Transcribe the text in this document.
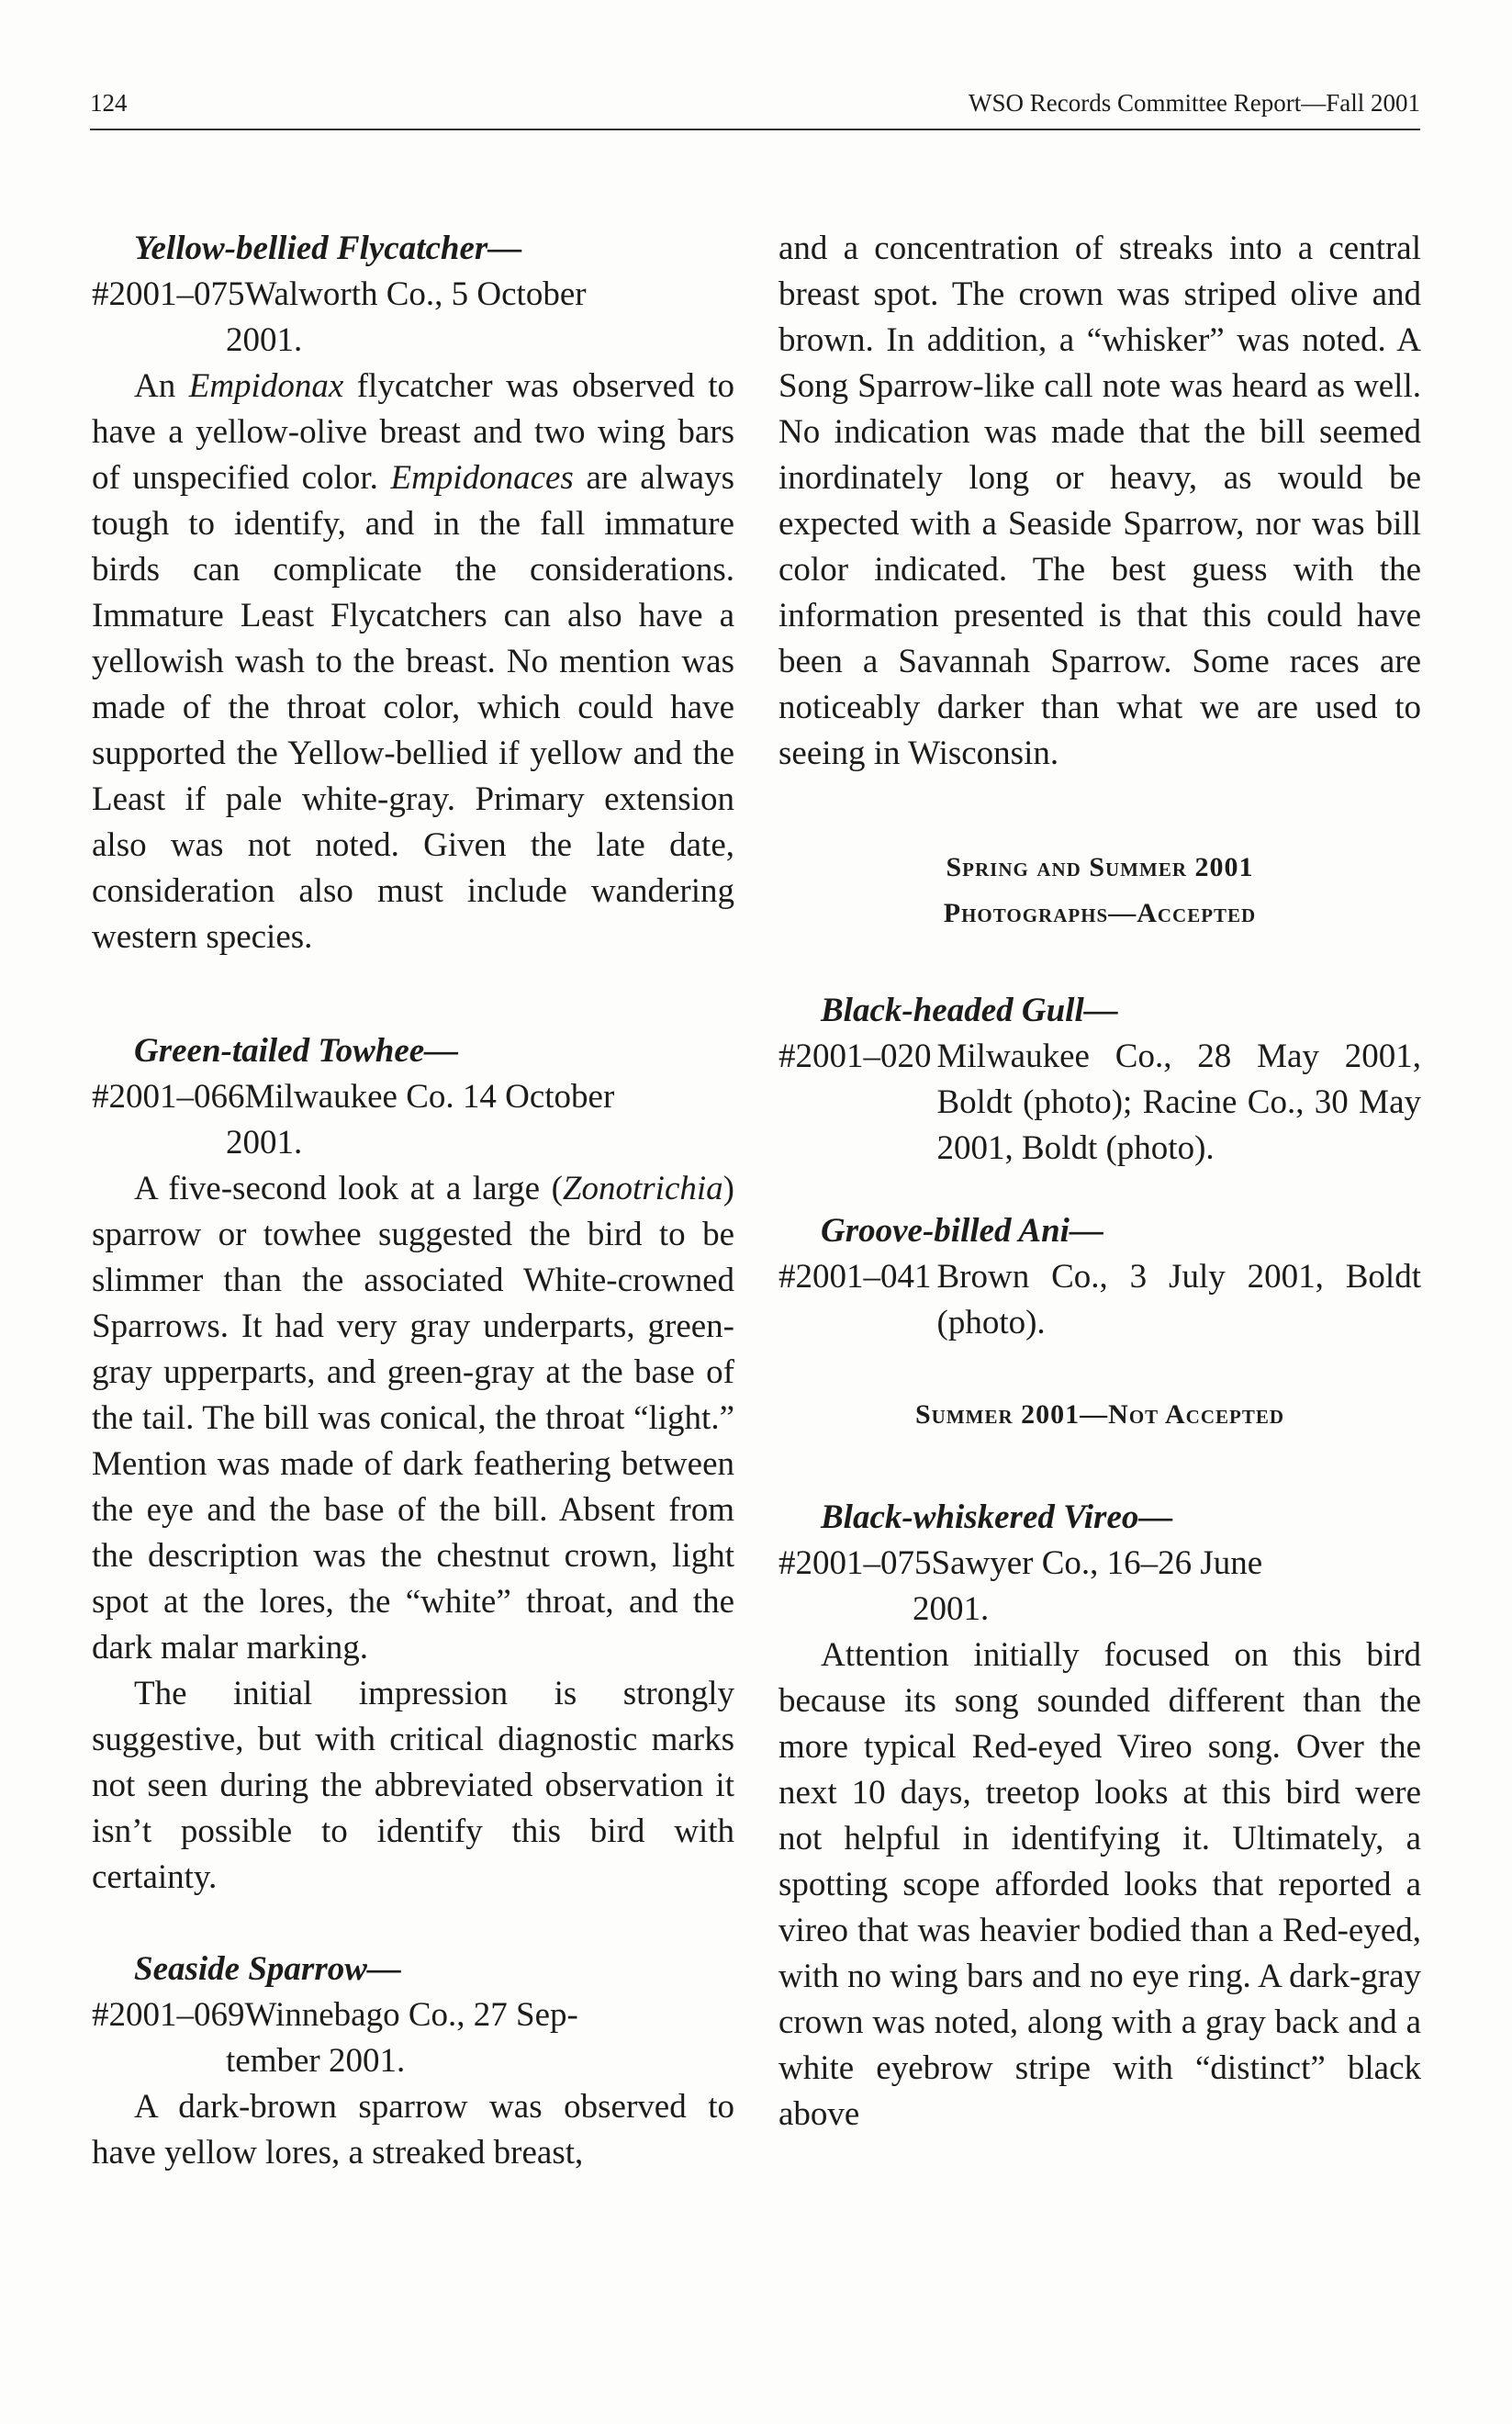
124	WSO Records Committee Report—Fall 2001

Yellow-bellied Flycatcher—

#2001–075 Walworth Co., 5 October

2001.

An Empidonax flycatcher was observed to have a yellow-olive breast and two wing bars of unspecified color. Empidonaces are always tough to identify, and in the fall immature birds can complicate the considerations. Immature Least Flycatchers can also have a yellowish wash to the breast. No mention was made of the throat color, which could have supported the Yellow-bellied if yellow and the Least if pale white-gray. Primary extension also was not noted. Given the late date, consideration also must include wandering western species.

Green-tailed Towhee—

#2001–066 Milwaukee Co. 14 October

2001.

A five-second look at a large (Zonotrichia) sparrow or towhee suggested the bird to be slimmer than the associated White-crowned Sparrows. It had very gray underparts, green-gray upperparts, and green-gray at the base of the tail. The bill was conical, the throat “light.” Mention was made of dark feathering between the eye and the base of the bill. Absent from the description was the chestnut crown, light spot at the lores, the “white” throat, and the dark malar marking.

The initial impression is strongly suggestive, but with critical diagnostic marks not seen during the abbreviated observation it isn’t possible to identify this bird with certainty.

Seaside Sparrow—

#2001–069 Winnebago Co., 27 Sep-

tember 2001.

A dark-brown sparrow was observed to have yellow lores, a streaked breast,

and a concentration of streaks into a central breast spot. The crown was striped olive and brown. In addition, a “whisker” was noted. A Song Sparrow-like call note was heard as well. No indication was made that the bill seemed inordinately long or heavy, as would be expected with a Seaside Sparrow, nor was bill color indicated. The best guess with the information presented is that this could have been a Savannah Sparrow. Some races are noticeably darker than what we are used to seeing in Wisconsin.

Spring and Summer 2001

Photographs—Accepted

Black-headed Gull—

#2001–020 Milwaukee Co., 28 May 2001, Boldt (photo); Racine Co., 30 May 2001, Boldt (photo).

Groove-billed Ani—

#2001–041 Brown Co., 3 July 2001, Boldt (photo).

Summer 2001—Not Accepted

Black-whiskered Vireo—

#2001–075 Sawyer Co., 16–26 June

2001.

Attention initially focused on this bird because its song sounded different than the more typical Red-eyed Vireo song. Over the next 10 days, treetop looks at this bird were not helpful in identifying it. Ultimately, a spotting scope afforded looks that reported a vireo that was heavier bodied than a Red-eyed, with no wing bars and no eye ring. A dark-gray crown was noted, along with a gray back and a white eyebrow stripe with “distinct” black above
